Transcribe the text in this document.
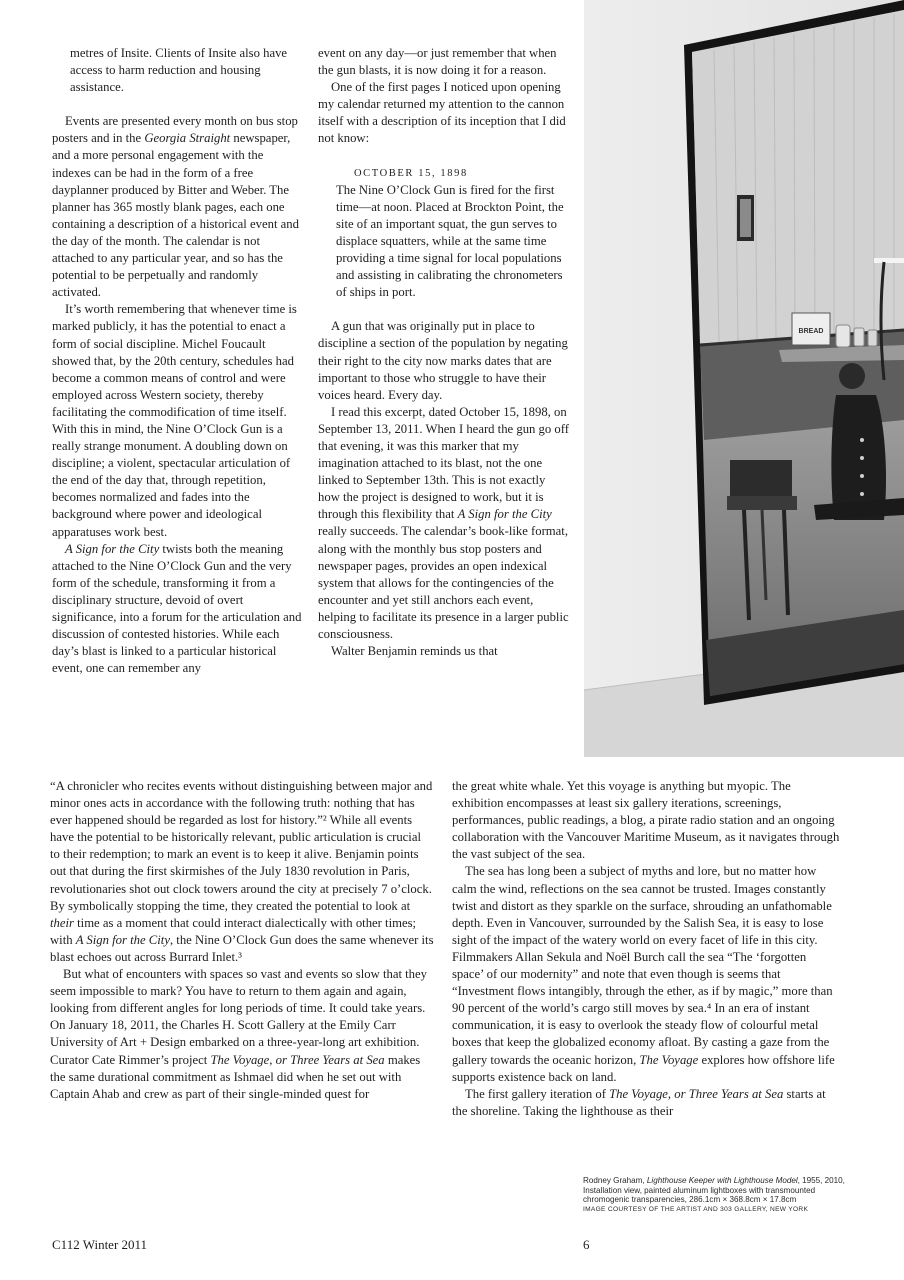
metres of Insite. Clients of Insite also have access to harm reduction and housing assistance.

Events are presented every month on bus stop posters and in the Georgia Straight newspaper, and a more personal engagement with the indexes can be had in the form of a free dayplanner produced by Bitter and Weber. The planner has 365 mostly blank pages, each one containing a description of a historical event and the day of the month. The calendar is not attached to any particular year, and so has the potential to be perpetually and randomly activated.

It’s worth remembering that whenever time is marked publicly, it has the potential to enact a form of social discipline. Michel Foucault showed that, by the 20th century, schedules had become a common means of control and were employed across Western society, thereby facilitating the commodification of time itself. With this in mind, the Nine O’Clock Gun is a really strange monument. A doubling down on discipline; a violent, spectacular articulation of the end of the day that, through repetition, becomes normalized and fades into the background where power and ideological apparatuses work best.

A Sign for the City twists both the meaning attached to the Nine O’Clock Gun and the very form of the schedule, transforming it from a disciplinary structure, devoid of overt significance, into a forum for the articulation and discussion of contested histories. While each day’s blast is linked to a particular historical event, one can remember any

event on any day—or just remember that when the gun blasts, it is now doing it for a reason.

One of the first pages I noticed upon opening my calendar returned my attention to the cannon itself with a description of its inception that I did not know:

OCTOBER 15, 1898

The Nine O’Clock Gun is fired for the first time—at noon. Placed at Brockton Point, the site of an important squat, the gun serves to displace squatters, while at the same time providing a time signal for local populations and assisting in calibrating the chronometers of ships in port.

A gun that was originally put in place to discipline a section of the population by negating their right to the city now marks dates that are important to those who struggle to have their voices heard. Every day.

I read this excerpt, dated October 15, 1898, on September 13, 2011. When I heard the gun go off that evening, it was this marker that my imagination attached to its blast, not the one linked to September 13th. This is not exactly how the project is designed to work, but it is through this flexibility that A Sign for the City really succeeds. The calendar’s book-like format, along with the monthly bus stop posters and newspaper pages, provides an open indexical system that allows for the contingencies of the encounter and yet still anchors each event, helping to facilitate its presence in a larger public consciousness.

Walter Benjamin reminds us that

BREAD

“A chronicler who recites events without distinguishing between major and minor ones acts in accordance with the following truth: nothing that has ever happened should be regarded as lost for history.”² While all events have the potential to be historically relevant, public articulation is crucial to their redemption; to mark an event is to keep it alive. Benjamin points out that during the first skirmishes of the July 1830 revolution in Paris, revolutionaries shot out clock towers around the city at precisely 7 o’clock. By symbolically stopping the time, they created the potential to look at their time as a moment that could interact dialectically with other times; with A Sign for the City, the Nine O’Clock Gun does the same whenever its blast echoes out across Burrard Inlet.³

But what of encounters with spaces so vast and events so slow that they seem impossible to mark? You have to return to them again and again, looking from different angles for long periods of time. It could take years. On January 18, 2011, the Charles H. Scott Gallery at the Emily Carr University of Art + Design embarked on a three-year-long art exhibition. Curator Cate Rimmer’s project The Voyage, or Three Years at Sea makes the same durational commitment as Ishmael did when he set out with Captain Ahab and crew as part of their single-minded quest for

the great white whale. Yet this voyage is anything but myopic. The exhibition encompasses at least six gallery iterations, screenings, performances, public readings, a blog, a pirate radio station and an ongoing collaboration with the Vancouver Maritime Museum, as it navigates through the vast subject of the sea.

The sea has long been a subject of myths and lore, but no matter how calm the wind, reflections on the sea cannot be trusted. Images constantly twist and distort as they sparkle on the surface, shrouding an unfathomable depth. Even in Vancouver, surrounded by the Salish Sea, it is easy to lose sight of the impact of the watery world on every facet of life in this city. Filmmakers Allan Sekula and Noël Burch call the sea “The ‘forgotten space’ of our modernity” and note that even though is seems that “Investment flows intangibly, through the ether, as if by magic,” more than 90 percent of the world’s cargo still moves by sea.⁴ In an era of instant communication, it is easy to overlook the steady flow of colourful metal boxes that keep the globalized economy afloat. By casting a gaze from the gallery towards the oceanic horizon, The Voyage explores how offshore life supports existence back on land.

The first gallery iteration of The Voyage, or Three Years at Sea starts at the shoreline. Taking the lighthouse as their

Rodney Graham, Lighthouse Keeper with Lighthouse Model, 1955, 2010, Installation view, painted aluminum lightboxes with transmounted chromogenic transparencies, 286.1cm × 368.8cm × 17.8cm
IMAGE COURTESY OF THE ARTIST AND 303 GALLERY, NEW YORK
C112 Winter 2011	6
